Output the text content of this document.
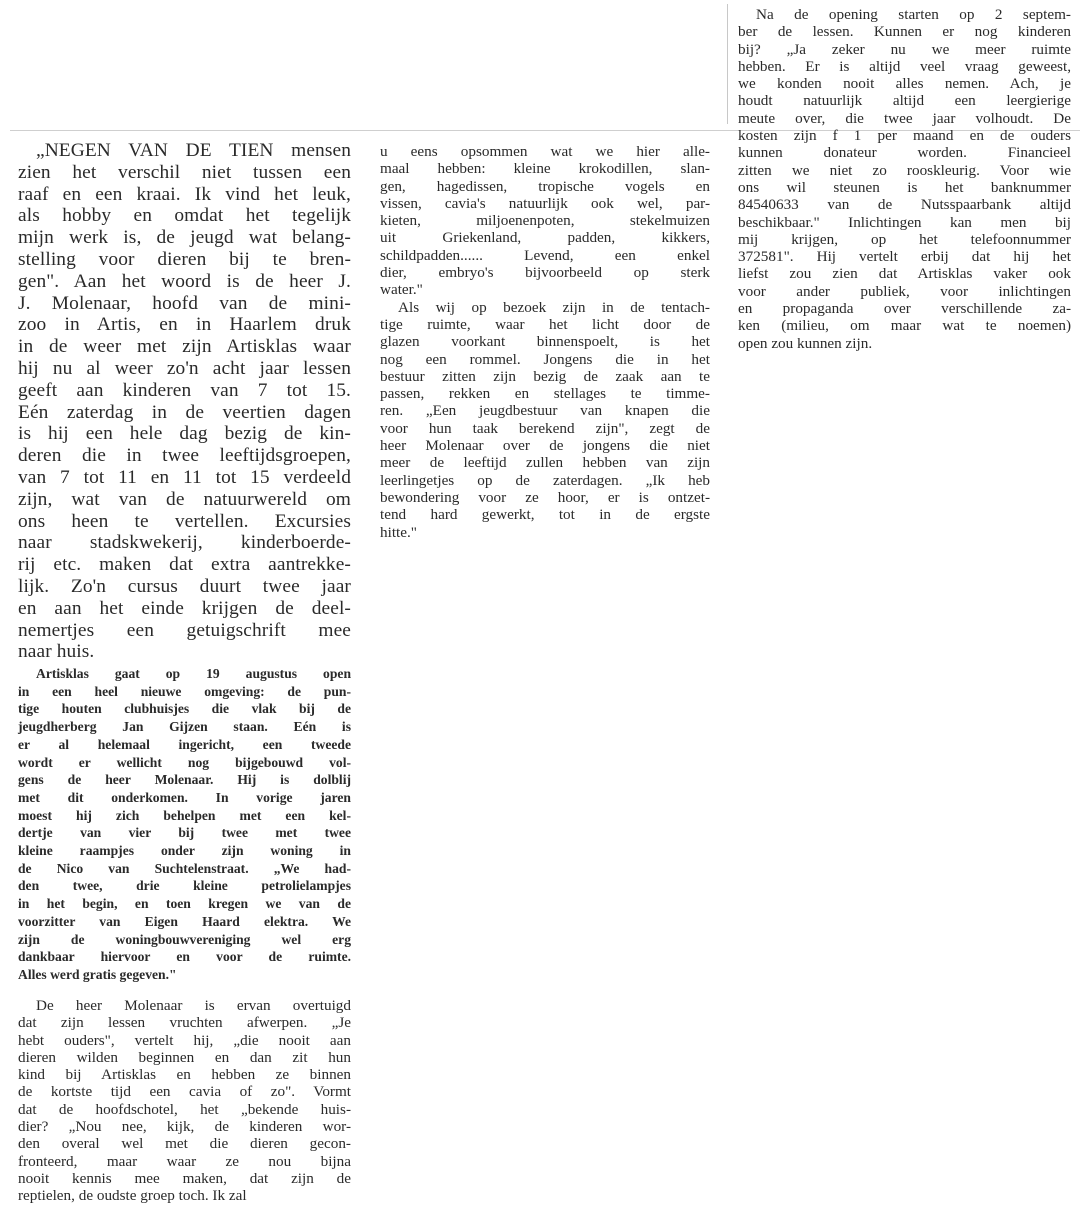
„NEGEN VAN DE TIEN mensen
zien het verschil niet tussen een
raaf en een kraai. Ik vind het leuk,
als hobby en omdat het tegelijk
mijn werk is, de jeugd wat belang-
stelling voor dieren bij te bren-
gen". Aan het woord is de heer J.
J. Molenaar, hoofd van de mini-
zoo in Artis, en in Haarlem druk
in de weer met zijn Artisklas waar
hij nu al weer zo'n acht jaar lessen
geeft aan kinderen van 7 tot 15.
Eén zaterdag in de veertien dagen
is hij een hele dag bezig de kin-
deren die in twee leeftijdsgroepen,
van 7 tot 11 en 11 tot 15 verdeeld
zijn, wat van de natuurwereld om
ons heen te vertellen. Excursies
naar stadskwekerij, kinderboerde-
rij etc. maken dat extra aantrekke-
lijk. Zo'n cursus duurt twee jaar
en aan het einde krijgen de deel-
nemertjes een getuigschrift mee
naar huis.

Artisklas gaat op 19 augustus open
in een heel nieuwe omgeving: de pun-
tige houten clubhuisjes die vlak bij de
jeugdherberg Jan Gijzen staan. Eén is
er al helemaal ingericht, een tweede
wordt er wellicht nog bijgebouwd vol-
gens de heer Molenaar. Hij is dolblij
met dit onderkomen. In vorige jaren
moest hij zich behelpen met een kel-
dertje van vier bij twee met twee
kleine raampjes onder zijn woning in
de Nico van Suchtelenstraat. „We had-
den twee, drie kleine petrolielampjes
in het begin, en toen kregen we van de
voorzitter van Eigen Haard elektra. We
zijn de woningbouwvereniging wel erg
dankbaar hiervoor en voor de ruimte.
Alles werd gratis gegeven."

De heer Molenaar is ervan overtuigd
dat zijn lessen vruchten afwerpen. „Je
hebt ouders", vertelt hij, „die nooit aan
dieren wilden beginnen en dan zit hun
kind bij Artisklas en hebben ze binnen
de kortste tijd een cavia of zo". Vormt
dat de hoofdschotel, het „bekende huis-
dier? „Nou nee, kijk, de kinderen wor-
den overal wel met die dieren gecon-
fronteerd, maar waar ze nou bijna
nooit kennis mee maken, dat zijn de
reptielen, de oudste groep toch. Ik zal

u eens opsommen wat we hier alle-
maal hebben: kleine krokodillen, slan-
gen, hagedissen, tropische vogels en
vissen, cavia's natuurlijk ook wel, par-
kieten, miljoenenpoten, stekelmuizen
uit Griekenland, padden, kikkers,
schildpadden...... Levend, een enkel
dier, embryo's bijvoorbeeld op sterk
water."

Als wij op bezoek zijn in de tentach-
tige ruimte, waar het licht door de
glazen voorkant binnenspoelt, is het
nog een rommel. Jongens die in het
bestuur zitten zijn bezig de zaak aan te
passen, rekken en stellages te timme-
ren. „Een jeugdbestuur van knapen die
voor hun taak berekend zijn", zegt de
heer Molenaar over de jongens die niet
meer de leeftijd zullen hebben van zijn
leerlingetjes op de zaterdagen. „Ik heb
bewondering voor ze hoor, er is ontzet-
tend hard gewerkt, tot in de ergste
hitte."

Na de opening starten op 2 septem-
ber de lessen. Kunnen er nog kinderen
bij? „Ja zeker nu we meer ruimte
hebben. Er is altijd veel vraag geweest,
we konden nooit alles nemen. Ach, je
houdt natuurlijk altijd een leergierige
meute over, die twee jaar volhoudt. De
kosten zijn f 1 per maand en de ouders
kunnen donateur worden. Financieel
zitten we niet zo rooskleurig. Voor wie
ons wil steunen is het banknummer
84540633 van de Nutsspaarbank altijd
beschikbaar." Inlichtingen kan men bij
mij krijgen, op het telefoonnummer
372581". Hij vertelt erbij dat hij het
liefst zou zien dat Artisklas vaker ook
voor ander publiek, voor inlichtingen
en propaganda over verschillende za-
ken (milieu, om maar wat te noemen)
open zou kunnen zijn.
